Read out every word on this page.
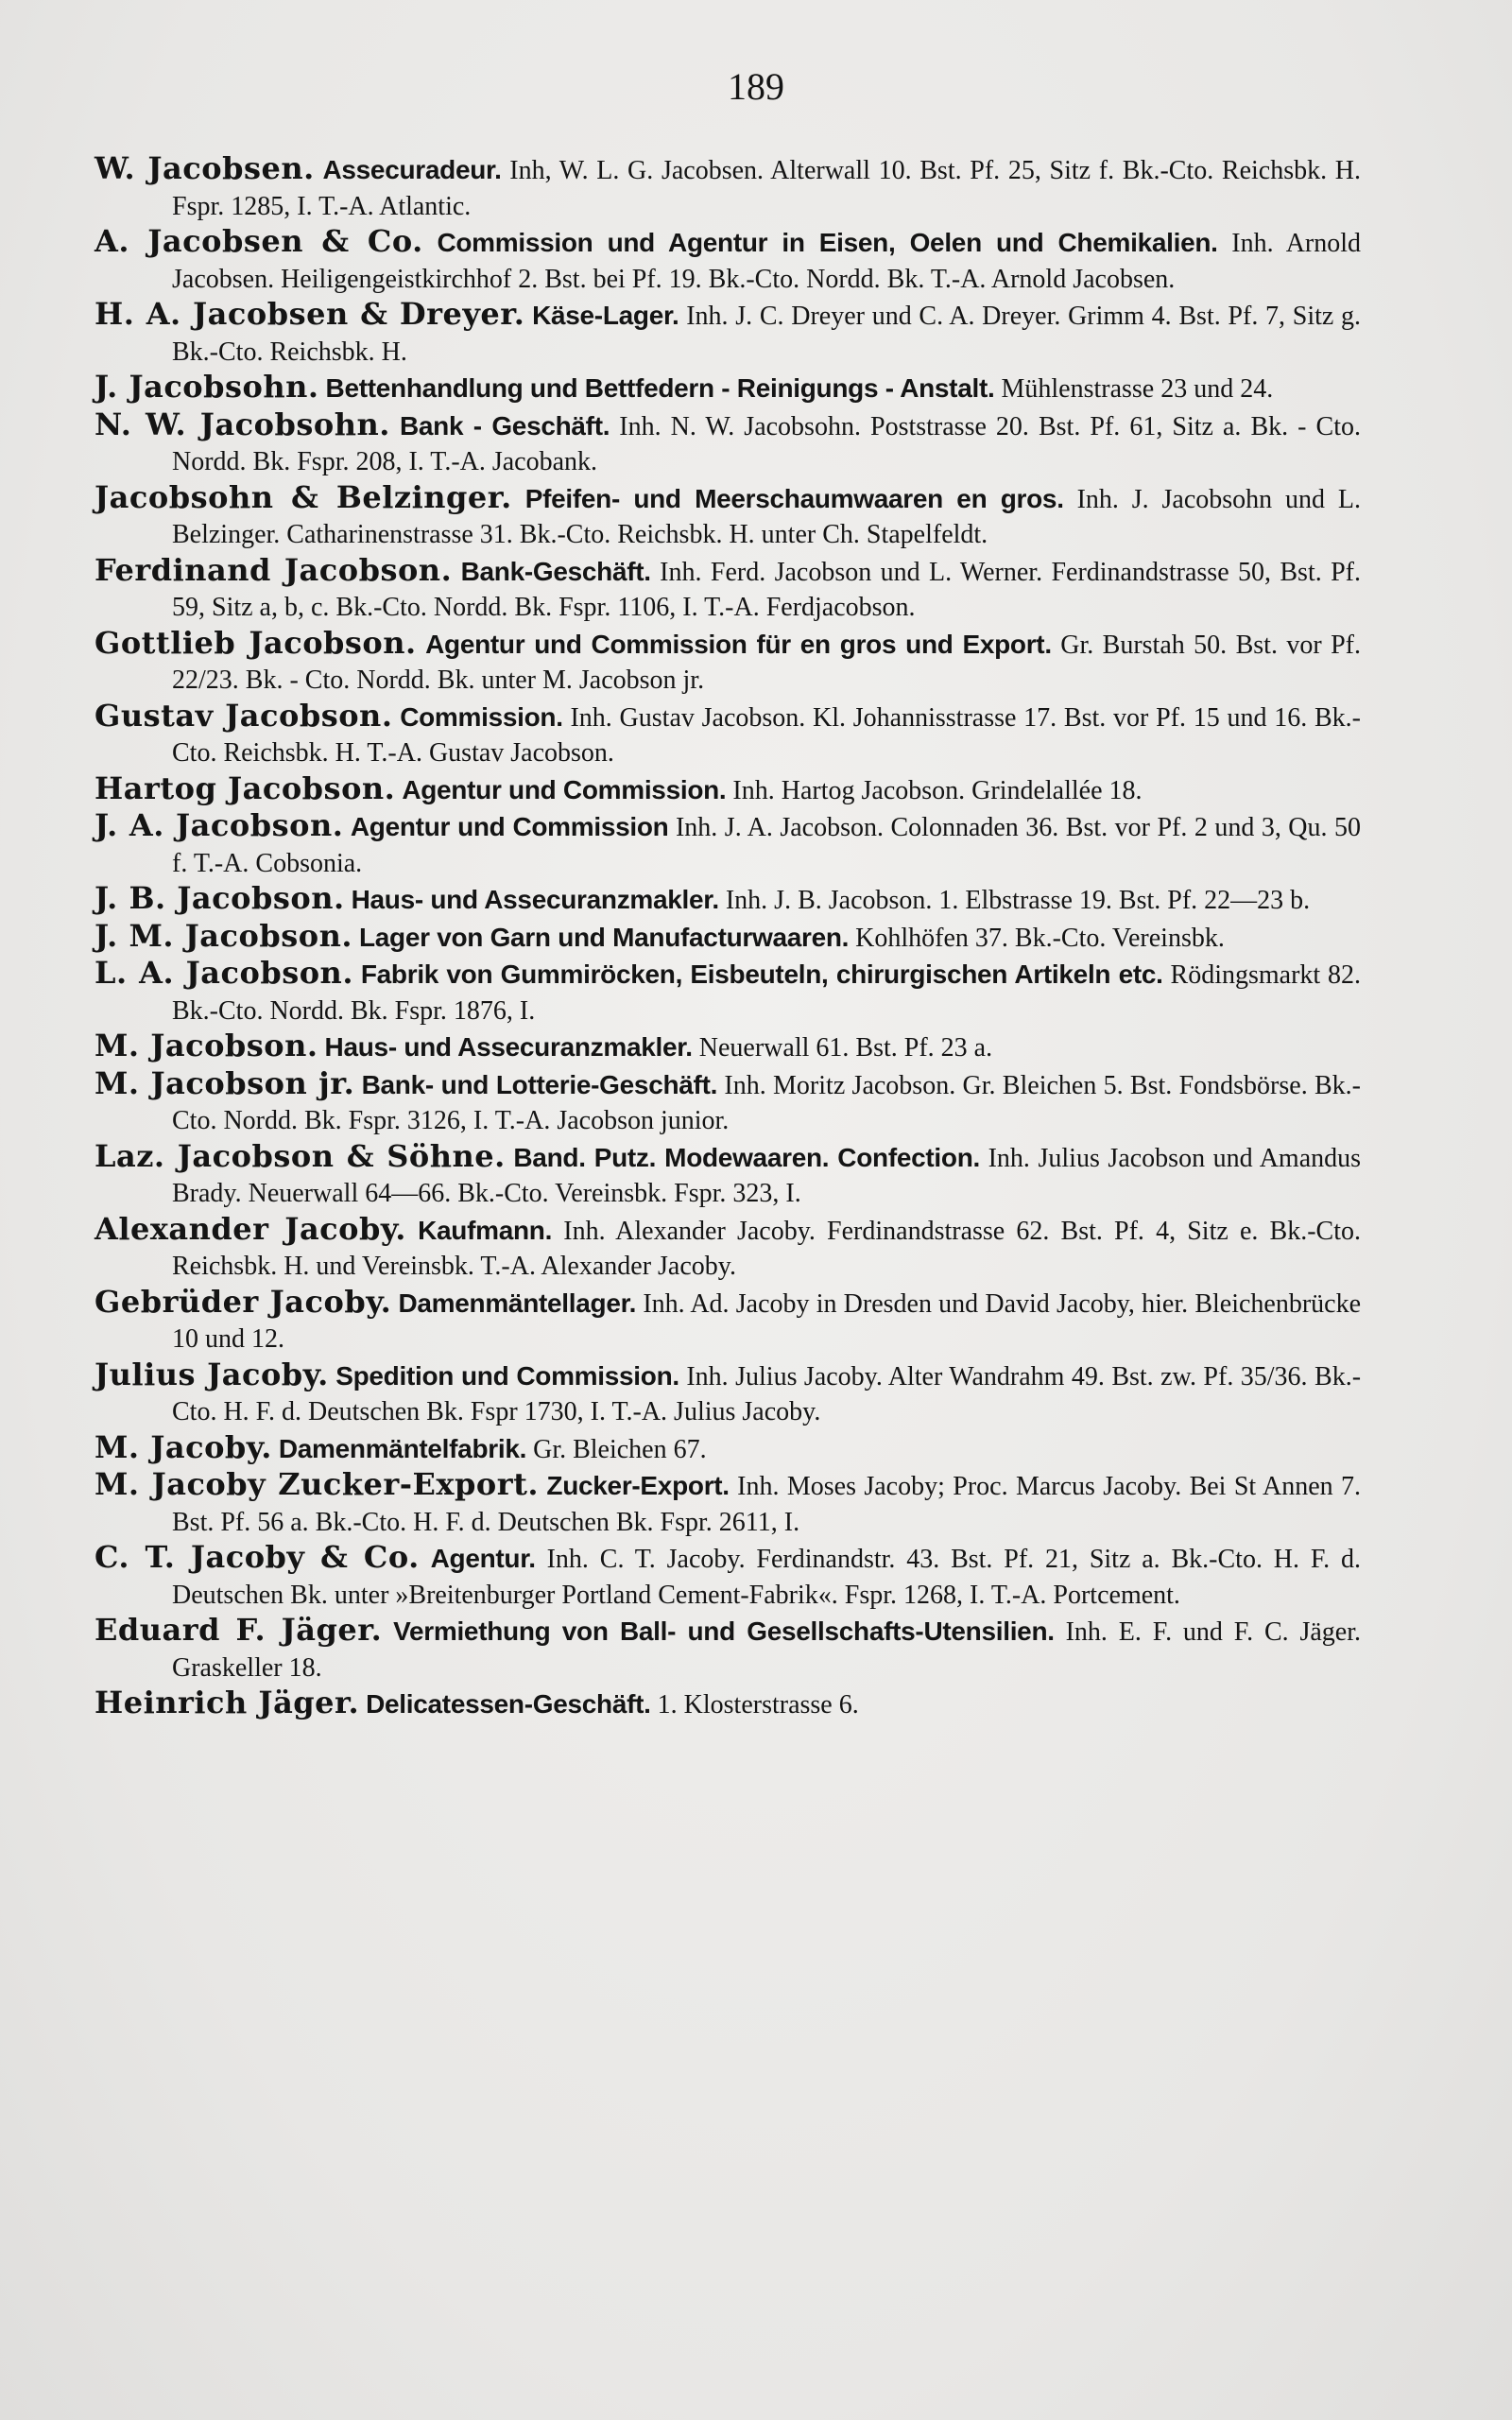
189
W. Jacobsen. Assecuradeur. Inh, W. L. G. Jacobsen. Alterwall 10. Bst. Pf. 25, Sitz f. Bk.-Cto. Reichsbk. H. Fspr. 1285, I. T.-A. Atlantic.
A. Jacobsen & Co. Commission und Agentur in Eisen, Oelen und Chemikalien. Inh. Arnold Jacobsen. Heiligengeistkirchhof 2. Bst. bei Pf. 19. Bk.-Cto. Nordd. Bk. T.-A. Arnold Jacobsen.
H. A. Jacobsen & Dreyer. Käse-Lager. Inh. J. C. Dreyer und C. A. Dreyer. Grimm 4. Bst. Pf. 7, Sitz g. Bk.-Cto. Reichsbk. H.
J. Jacobsohn. Bettenhandlung und Bettfedern - Reinigungs - Anstalt. Mühlenstrasse 23 und 24.
N. W. Jacobsohn. Bank - Geschäft. Inh. N. W. Jacobsohn. Poststrasse 20. Bst. Pf. 61, Sitz a. Bk. - Cto. Nordd. Bk. Fspr. 208, I. T.-A. Jacobank.
Jacobsohn & Belzinger. Pfeifen- und Meerschaumwaaren en gros. Inh. J. Jacobsohn und L. Belzinger. Catharinenstrasse 31. Bk.-Cto. Reichsbk. H. unter Ch. Stapelfeldt.
Ferdinand Jacobson. Bank-Geschäft. Inh. Ferd. Jacobson und L. Werner. Ferdinandstrasse 50, Bst. Pf. 59, Sitz a, b, c. Bk.-Cto. Nordd. Bk. Fspr. 1106, I. T.-A. Ferdjacobson.
Gottlieb Jacobson. Agentur und Commission für en gros und Export. Gr. Burstah 50. Bst. vor Pf. 22/23. Bk. - Cto. Nordd. Bk. unter M. Jacobson jr.
Gustav Jacobson. Commission. Inh. Gustav Jacobson. Kl. Johannisstrasse 17. Bst. vor Pf. 15 und 16. Bk.-Cto. Reichsbk. H. T.-A. Gustav Jacobson.
Hartog Jacobson. Agentur und Commission. Inh. Hartog Jacobson. Grindelallée 18.
J. A. Jacobson. Agentur und Commission Inh. J. A. Jacobson. Colonnaden 36. Bst. vor Pf. 2 und 3, Qu. 50 f. T.-A. Cobsonia.
J. B. Jacobson. Haus- und Assecuranzmakler. Inh. J. B. Jacobson. 1. Elbstrasse 19. Bst. Pf. 22—23 b.
J. M. Jacobson. Lager von Garn und Manufacturwaaren. Kohlhöfen 37. Bk.-Cto. Vereinsbk.
L. A. Jacobson. Fabrik von Gummiröcken, Eisbeuteln, chirurgischen Artikeln etc. Rödingsmarkt 82. Bk.-Cto. Nordd. Bk. Fspr. 1876, I.
M. Jacobson. Haus- und Assecuranzmakler. Neuerwall 61. Bst. Pf. 23 a.
M. Jacobson jr. Bank- und Lotterie-Geschäft. Inh. Moritz Jacobson. Gr. Bleichen 5. Bst. Fondsbörse. Bk.-Cto. Nordd. Bk. Fspr. 3126, I. T.-A. Jacobson junior.
Laz. Jacobson & Söhne. Band. Putz. Modewaaren. Confection. Inh. Julius Jacobson und Amandus Brady. Neuerwall 64—66. Bk.-Cto. Vereinsbk. Fspr. 323, I.
Alexander Jacoby. Kaufmann. Inh. Alexander Jacoby. Ferdinandstrasse 62. Bst. Pf. 4, Sitz e. Bk.-Cto. Reichsbk. H. und Vereinsbk. T.-A. Alexander Jacoby.
Gebrüder Jacoby. Damenmäntellager. Inh. Ad. Jacoby in Dresden und David Jacoby, hier. Bleichenbrücke 10 und 12.
Julius Jacoby. Spedition und Commission. Inh. Julius Jacoby. Alter Wandrahm 49. Bst. zw. Pf. 35/36. Bk.-Cto. H. F. d. Deutschen Bk. Fspr 1730, I. T.-A. Julius Jacoby.
M. Jacoby. Damenmäntelfabrik. Gr. Bleichen 67.
M. Jacoby Zucker-Export. Zucker-Export. Inh. Moses Jacoby; Proc. Marcus Jacoby. Bei St Annen 7. Bst. Pf. 56 a. Bk.-Cto. H. F. d. Deutschen Bk. Fspr. 2611, I.
C. T. Jacoby & Co. Agentur. Inh. C. T. Jacoby. Ferdinandstr. 43. Bst. Pf. 21, Sitz a. Bk.-Cto. H. F. d. Deutschen Bk. unter »Breitenburger Portland Cement-Fabrik«. Fspr. 1268, I. T.-A. Portcement.
Eduard F. Jäger. Vermiethung von Ball- und Gesellschafts-Utensilien. Inh. E. F. und F. C. Jäger. Graskeller 18.
Heinrich Jäger. Delicatessen-Geschäft. 1. Klosterstrasse 6.
